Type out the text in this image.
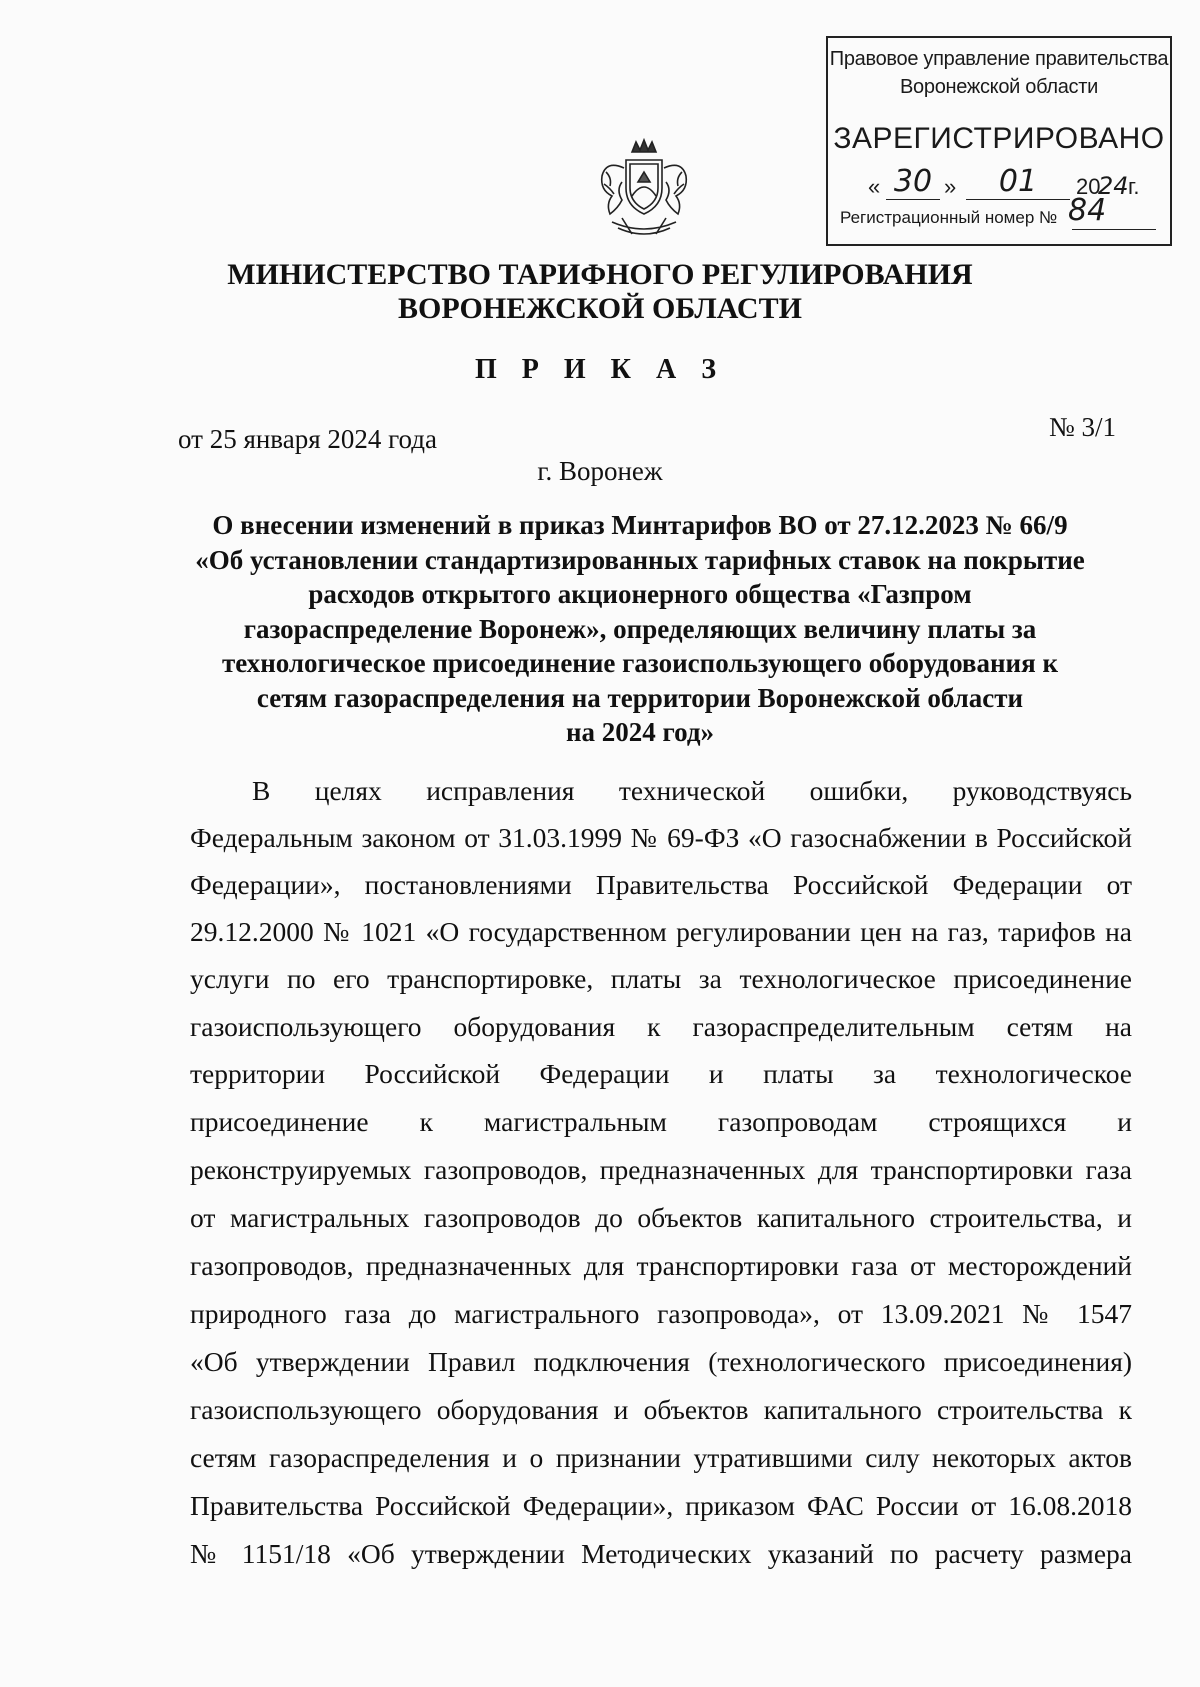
Правовое управление правительства
Воронежской области
ЗАРЕГИСТРИРОВАНО
« 30 »	01	20
24 г.
Регистрационный номер № 84
МИНИСТЕРСТВО ТАРИФНОГО РЕГУЛИРОВАНИЯ
ВОРОНЕЖСКОЙ ОБЛАСТИ
П Р И К А З
от 25 января 2024 года	№ 3/1
г. Воронеж
О внесении изменений в приказ Минтарифов ВО от 27.12.2023 № 66/9
«Об установлении стандартизированных тарифных ставок на покрытие
расходов открытого акционерного общества «Газпром
газораспределение Воронеж», определяющих величину платы за
технологическое присоединение газоиспользующего оборудования к
сетям газораспределения на территории Воронежской области
на 2024 год»
В целях исправления технической ошибки, руководствуясь
Федеральным законом от 31.03.1999 № 69-ФЗ «О газоснабжении в Российской
Федерации», постановлениями Правительства Российской Федерации от
29.12.2000 № 1021 «О государственном регулировании цен на газ, тарифов на
услуги по его транспортировке, платы за технологическое присоединение
газоиспользующего оборудования к газораспределительным сетям на
территории Российской Федерации и платы за технологическое
присоединение к магистральным газопроводам строящихся и
реконструируемых газопроводов, предназначенных для транспортировки газа
от магистральных газопроводов до объектов капитального строительства, и
газопроводов, предназначенных для транспортировки газа от месторождений
природного газа до магистрального газопровода», от 13.09.2021 № 1547
«Об утверждении Правил подключения (технологического присоединения)
газоиспользующего оборудования и объектов капитального строительства к
сетям газораспределения и о признании утратившими силу некоторых актов
Правительства Российской Федерации», приказом ФАС России от 16.08.2018
№ 1151/18 «Об утверждении Методических указаний по расчету размера
